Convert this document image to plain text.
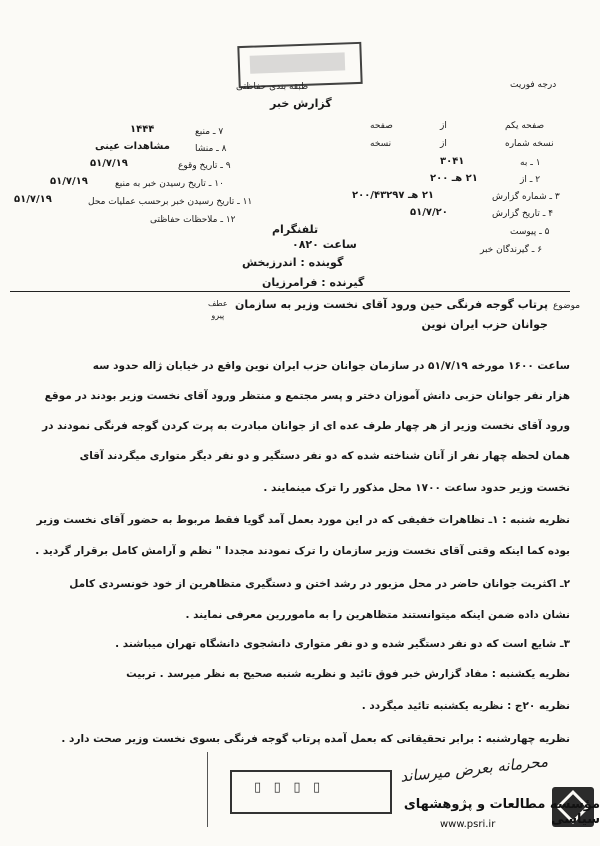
طبقه بندی حفاظتی	درجه فوریت
گزارش خبر
صفحه یکم
از
صفحه
نسخه شماره
از
نسخه
۱ ـ به
۳۰۴۱
۲ ـ از
۲۱ هـ ۲۰۰
۳ ـ شماره گزارش
۲۱ هـ ۲۰۰/۴۳۲۹۷
۴ ـ تاریخ گزارش
۵۱/۷/۲۰
۵ ـ پیوست
۶ ـ گیرندگان خبر
۷ ـ منبع
۱۴۴۴
۸ ـ منشا
مشاهدات عینی
۹ ـ تاریخ وقوع
۵۱/۷/۱۹
۱۰ ـ تاریخ رسیدن خبر به منبع
۵۱/۷/۱۹
۱۱ ـ تاریخ رسیدن خبر برحسب عملیات محل
۵۱/۷/۱۹
۱۲ ـ ملاحظات حفاظتی
تلفنگرام
ساعت ۰۸۲۰
گوینده : اندرزبخش
گیرنده : فرامرزیان
موضوع
پرتاب گوجه فرنگی حین ورود آقای نخست وزیر به سازمان
جوانان حزب ایران نوین
عطف
پیرو
ساعت ۱۶۰۰ مورخه ۵۱/۷/۱۹ در سازمان جوانان حزب ایران نوین واقع در خیابان ژاله حدود سه
هزار نفر جوانان حزبی دانش آموزان دختر و پسر مجتمع و منتظر ورود آقای نخست وزیر بودند در موقع
ورود آقای نخست وزیر از هر چهار طرف عده ای از جوانان مبادرت به پرت کردن گوجه فرنگی نمودند در
همان لحظه چهار نفر از آنان شناخته شده که دو نفر دستگیر و دو نفر دیگر متواری میگردند آقای
نخست وزیر حدود ساعت ۱۷۰۰ محل مذکور را ترک مینمایند .
نظریه شنبه : ۱ـ تظاهرات خفیفی که در این مورد بعمل آمد گویا فقط مربوط به حضور آقای نخست وزیر
بوده کما اینکه وقتی آقای نخست وزیر سازمان را ترک نمودند مجددا " نظم و آرامش کامل برقرار گردید .
۲ـ اکثریت جوانان حاضر در محل مزبور در رشد اختن و دستگیری متظاهرین از خود خونسردی کامل
نشان داده ضمن اینکه میتوانستند متظاهرین را به ماموررین معرفی نمایند .
۳ـ شایع است که دو نفر دستگیر شده و دو نفر متواری دانشجوی دانشگاه تهران میباشند .
نظریه یکشنبه : مفاد گزارش خبر فوق تائید و نظریه شنبه صحیح به نظر میرسد . تربیت
نظریه ۲۰ج : نظریه یکشنبه تائید میگردد .
نظریه چهارشنبه : برابر تحقیقاتی که بعمل آمده پرتاب گوجه فرنگی بسوی نخست وزیر صحت دارد .
محرمانه بعرض میرساند
▯ ▯ ▯ ▯
مؤسسه مطالعات و پژوهشهای سیاسی
www.psri.ir
